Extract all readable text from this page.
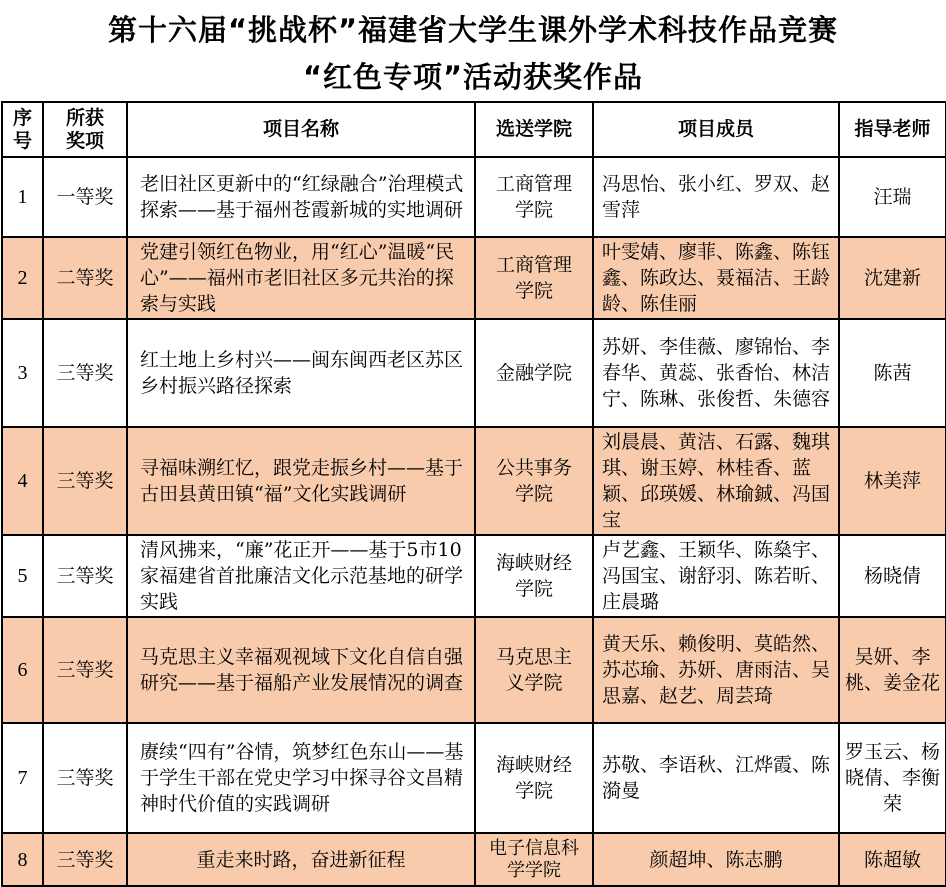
第十六届“挑战杯”福建省大学生课外学术科技作品竞赛
“红色专项”活动获奖作品
序号	所获奖项	项目名称	选送学院	项目成员	指导老师
1	一等奖	老旧社区更新中的“红绿融合”治理模式探索——基于福州苍霞新城的实地调研	工商管理学院	冯思怡、张小红、罗双、赵雪萍	汪瑞
2	二等奖	党建引领红色物业，用“红心”温暖“民心”——福州市老旧社区多元共治的探索与实践	工商管理学院	叶雯婧、廖菲、陈鑫、陈钰鑫、陈政达、聂福洁、王龄龄、陈佳丽	沈建新
3	三等奖	红土地上乡村兴——闽东闽西老区苏区乡村振兴路径探索	金融学院	苏妍、李佳薇、廖锦怡、李春华、黄蕊、张香怡、林洁宁、陈琳、张俊哲、朱德容	陈茜
4	三等奖	寻福味溯红忆，跟党走振乡村——基于古田县黄田镇“福”文化实践调研	公共事务学院	刘晨晨、黄洁、石露、魏琪琪、谢玉婷、林桂香、蓝颖、邱瑛媛、林瑜鋮、冯国宝	林美萍
5	三等奖	清风拂来，“廉”花正开——基于5市10家福建省首批廉洁文化示范基地的研学实践	海峡财经学院	卢艺鑫、王颖华、陈燊宇、冯国宝、谢舒羽、陈若昕、庄晨璐	杨晓倩
6	三等奖	马克思主义幸福观视域下文化自信自强研究——基于福船产业发展情况的调查	马克思主义学院	黄天乐、赖俊明、莫皓然、苏芯瑜、苏妍、唐雨洁、吴思嘉、赵艺、周芸琦	吴妍、李桃、姜金花
7	三等奖	赓续“四有”谷情，筑梦红色东山——基于学生干部在党史学习中探寻谷文昌精神时代价值的实践调研	海峡财经学院	苏敬、李语秋、江烨霞、陈漪曼	罗玉云、杨晓倩、李衡荣
8	三等奖	重走来时路，奋进新征程	电子信息科学学院	颜超坤、陈志鹏	陈超敏
